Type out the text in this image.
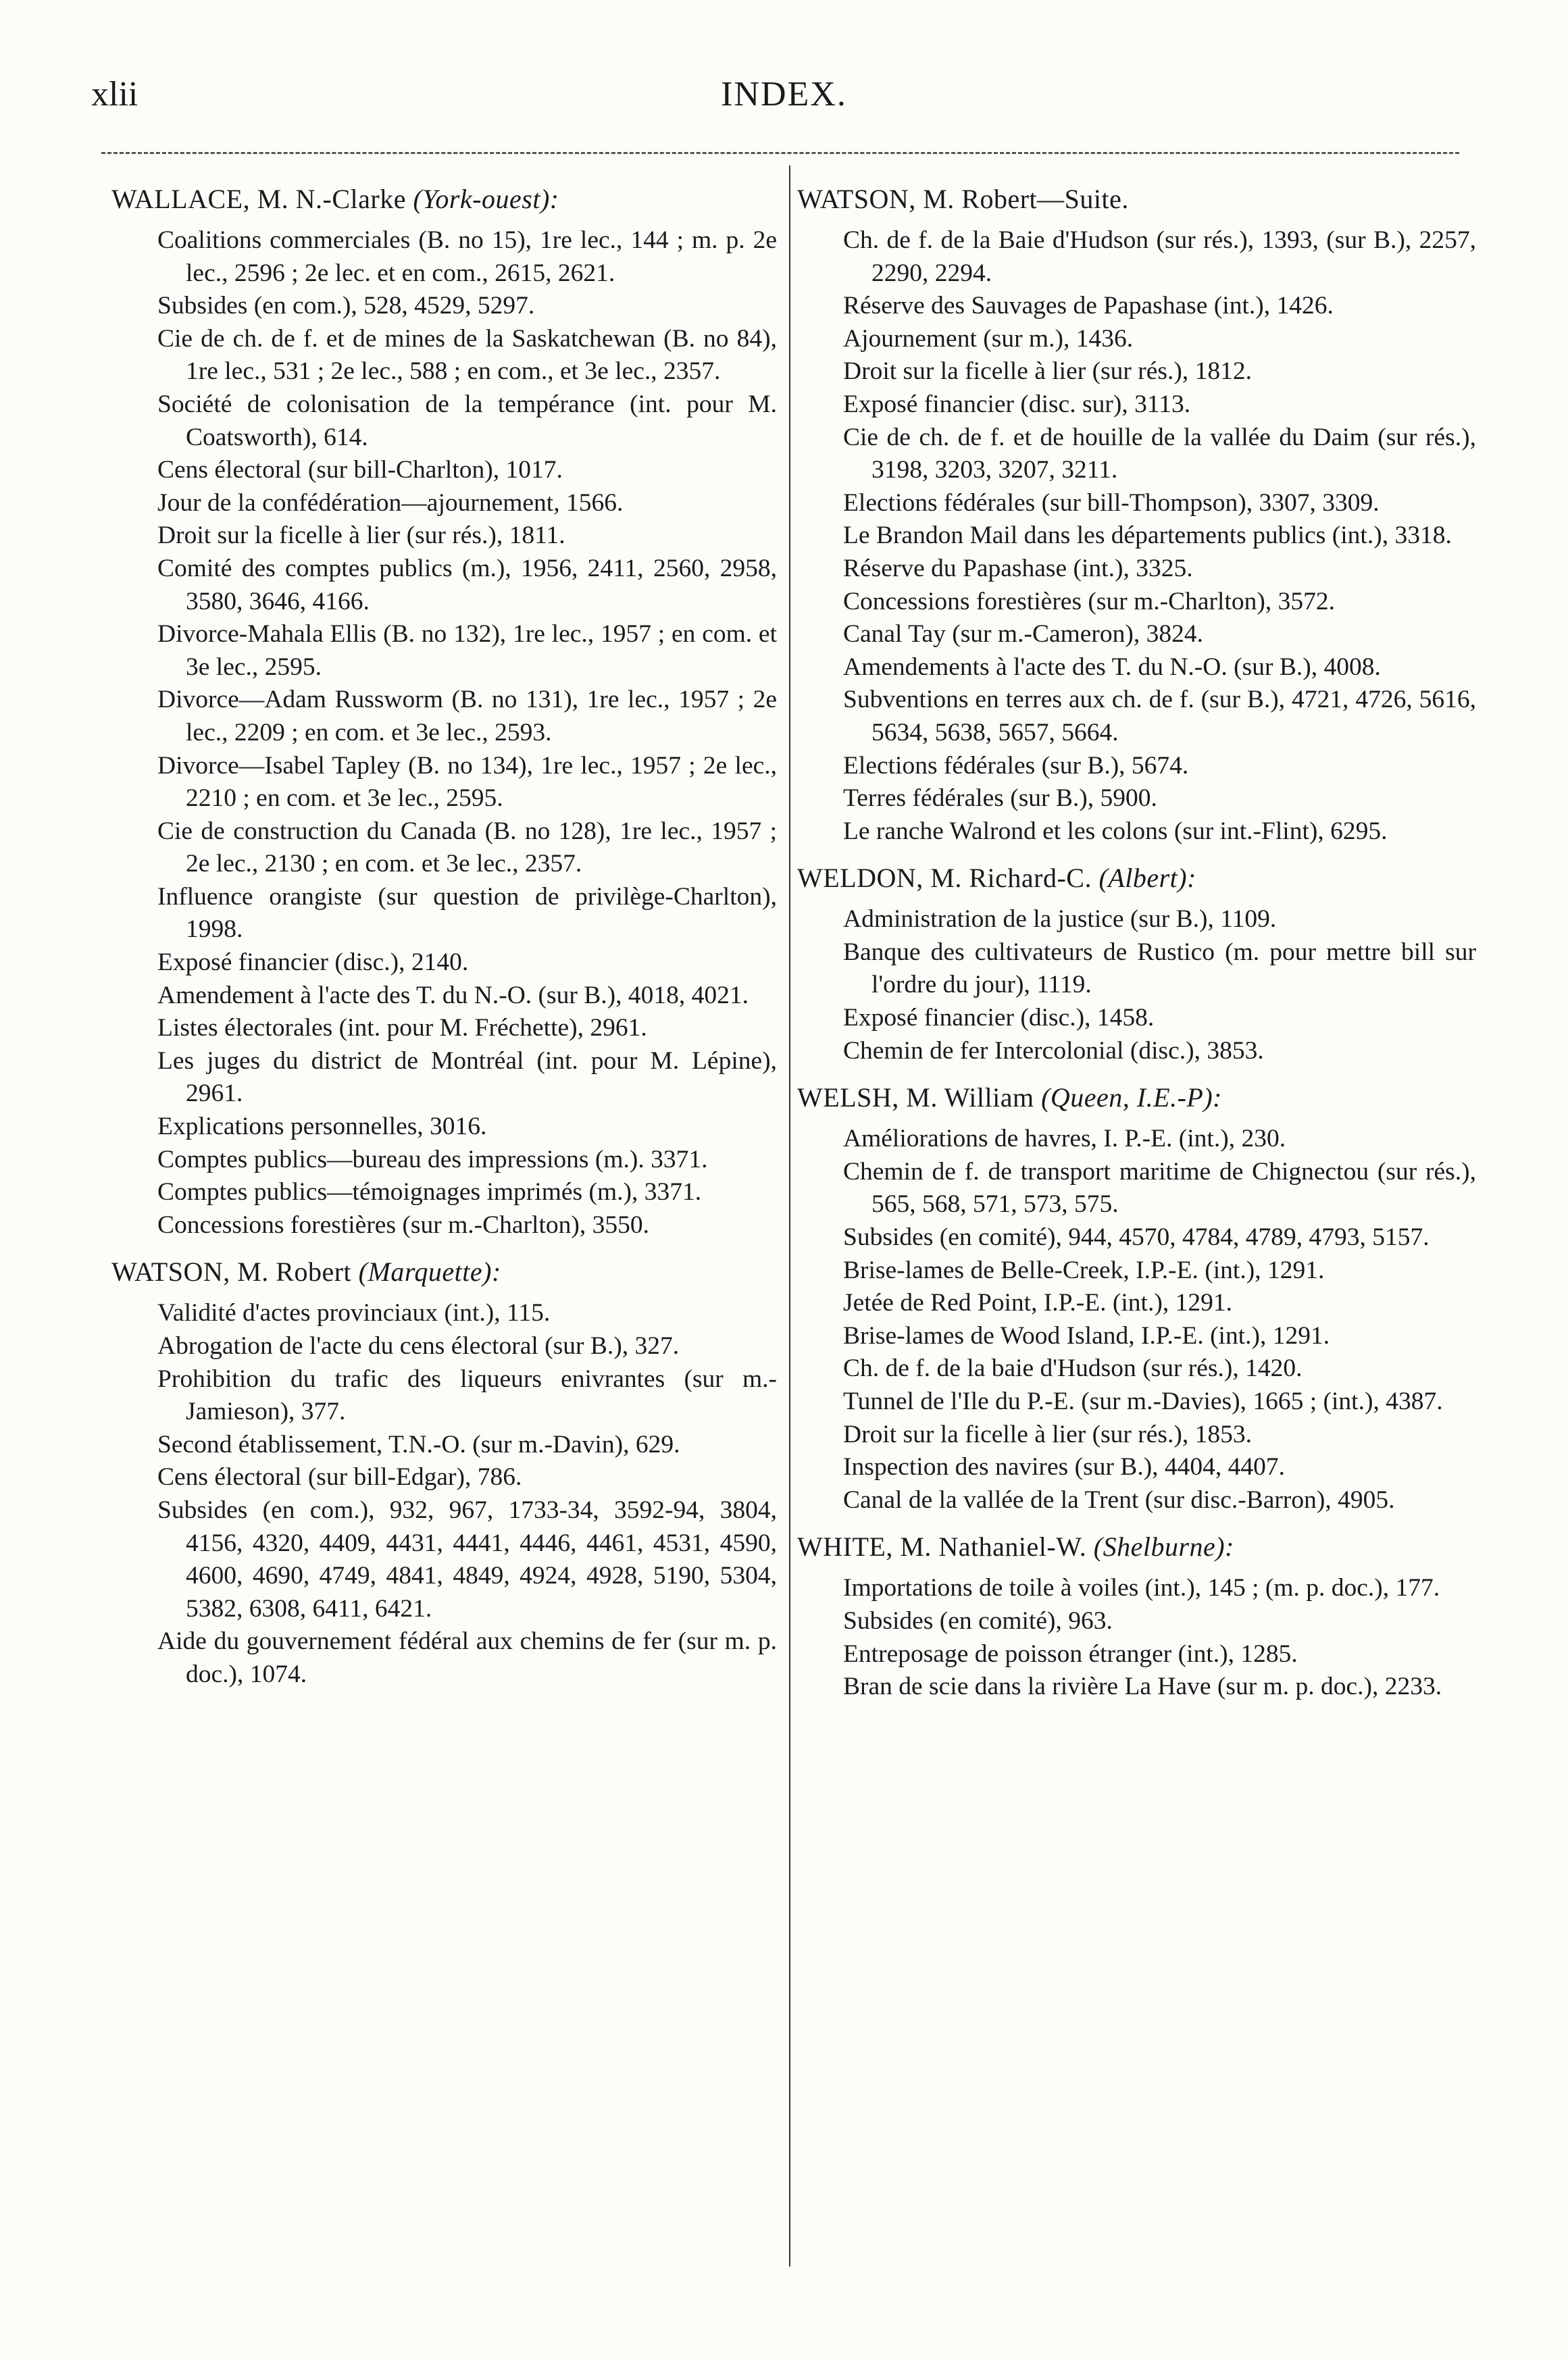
xlii	INDEX.
WALLACE, M. N.-Clarke (York-ouest):
Coalitions commerciales (B. no 15), 1re lec., 144 ; m. p. 2e lec., 2596 ; 2e lec. et en com., 2615, 2621.
Subsides (en com.), 528, 4529, 5297.
Cie de ch. de f. et de mines de la Saskatchewan (B. no 84), 1re lec., 531 ; 2e lec., 588 ; en com., et 3e lec., 2357.
Société de colonisation de la tempérance (int. pour M. Coatsworth), 614.
Cens électoral (sur bill-Charlton), 1017.
Jour de la confédération—ajournement, 1566.
Droit sur la ficelle à lier (sur rés.), 1811.
Comité des comptes publics (m.), 1956, 2411, 2560, 2958, 3580, 3646, 4166.
Divorce-Mahala Ellis (B. no 132), 1re lec., 1957 ; en com. et 3e lec., 2595.
Divorce—Adam Russworm (B. no 131), 1re lec., 1957 ; 2e lec., 2209 ; en com. et 3e lec., 2593.
Divorce—Isabel Tapley (B. no 134), 1re lec., 1957 ; 2e lec., 2210 ; en com. et 3e lec., 2595.
Cie de construction du Canada (B. no 128), 1re lec., 1957 ; 2e lec., 2130 ; en com. et 3e lec., 2357.
Influence orangiste (sur question de privilège-Charlton), 1998.
Exposé financier (disc.), 2140.
Amendement à l'acte des T. du N.-O. (sur B.), 4018, 4021.
Listes électorales (int. pour M. Fréchette), 2961.
Les juges du district de Montréal (int. pour M. Lépine), 2961.
Explications personnelles, 3016.
Comptes publics—bureau des impressions (m.). 3371.
Comptes publics—témoignages imprimés (m.), 3371.
Concessions forestières (sur m.-Charlton), 3550.
WATSON, M. Robert (Marquette):
Validité d'actes provinciaux (int.), 115.
Abrogation de l'acte du cens électoral (sur B.), 327.
Prohibition du trafic des liqueurs enivrantes (sur m.-Jamieson), 377.
Second établissement, T.N.-O. (sur m.-Davin), 629.
Cens électoral (sur bill-Edgar), 786.
Subsides (en com.), 932, 967, 1733-34, 3592-94, 3804, 4156, 4320, 4409, 4431, 4441, 4446, 4461, 4531, 4590, 4600, 4690, 4749, 4841, 4849, 4924, 4928, 5190, 5304, 5382, 6308, 6411, 6421.
Aide du gouvernement fédéral aux chemins de fer (sur m. p. doc.), 1074.
WATSON, M. Robert—Suite.
Ch. de f. de la Baie d'Hudson (sur rés.), 1393, (sur B.), 2257, 2290, 2294.
Réserve des Sauvages de Papashase (int.), 1426.
Ajournement (sur m.), 1436.
Droit sur la ficelle à lier (sur rés.), 1812.
Exposé financier (disc. sur), 3113.
Cie de ch. de f. et de houille de la vallée du Daim (sur rés.), 3198, 3203, 3207, 3211.
Elections fédérales (sur bill-Thompson), 3307, 3309.
Le Brandon Mail dans les départements publics (int.), 3318.
Réserve du Papashase (int.), 3325.
Concessions forestières (sur m.-Charlton), 3572.
Canal Tay (sur m.-Cameron), 3824.
Amendements à l'acte des T. du N.-O. (sur B.), 4008.
Subventions en terres aux ch. de f. (sur B.), 4721, 4726, 5616, 5634, 5638, 5657, 5664.
Elections fédérales (sur B.), 5674.
Terres fédérales (sur B.), 5900.
Le ranche Walrond et les colons (sur int.-Flint), 6295.
WELDON, M. Richard-C. (Albert):
Administration de la justice (sur B.), 1109.
Banque des cultivateurs de Rustico (m. pour mettre bill sur l'ordre du jour), 1119.
Exposé financier (disc.), 1458.
Chemin de fer Intercolonial (disc.), 3853.
WELSH, M. William (Queen, I.E.-P):
Améliorations de havres, I. P.-E. (int.), 230.
Chemin de f. de transport maritime de Chignectou (sur rés.), 565, 568, 571, 573, 575.
Subsides (en comité), 944, 4570, 4784, 4789, 4793, 5157.
Brise-lames de Belle-Creek, I.P.-E. (int.), 1291.
Jetée de Red Point, I.P.-E. (int.), 1291.
Brise-lames de Wood Island, I.P.-E. (int.), 1291.
Ch. de f. de la baie d'Hudson (sur rés.), 1420.
Tunnel de l'Ile du P.-E. (sur m.-Davies), 1665 ; (int.), 4387.
Droit sur la ficelle à lier (sur rés.), 1853.
Inspection des navires (sur B.), 4404, 4407.
Canal de la vallée de la Trent (sur disc.-Barron), 4905.
WHITE, M. Nathaniel-W. (Shelburne):
Importations de toile à voiles (int.), 145 ; (m. p. doc.), 177.
Subsides (en comité), 963.
Entreposage de poisson étranger (int.), 1285.
Bran de scie dans la rivière La Have (sur m. p. doc.), 2233.
